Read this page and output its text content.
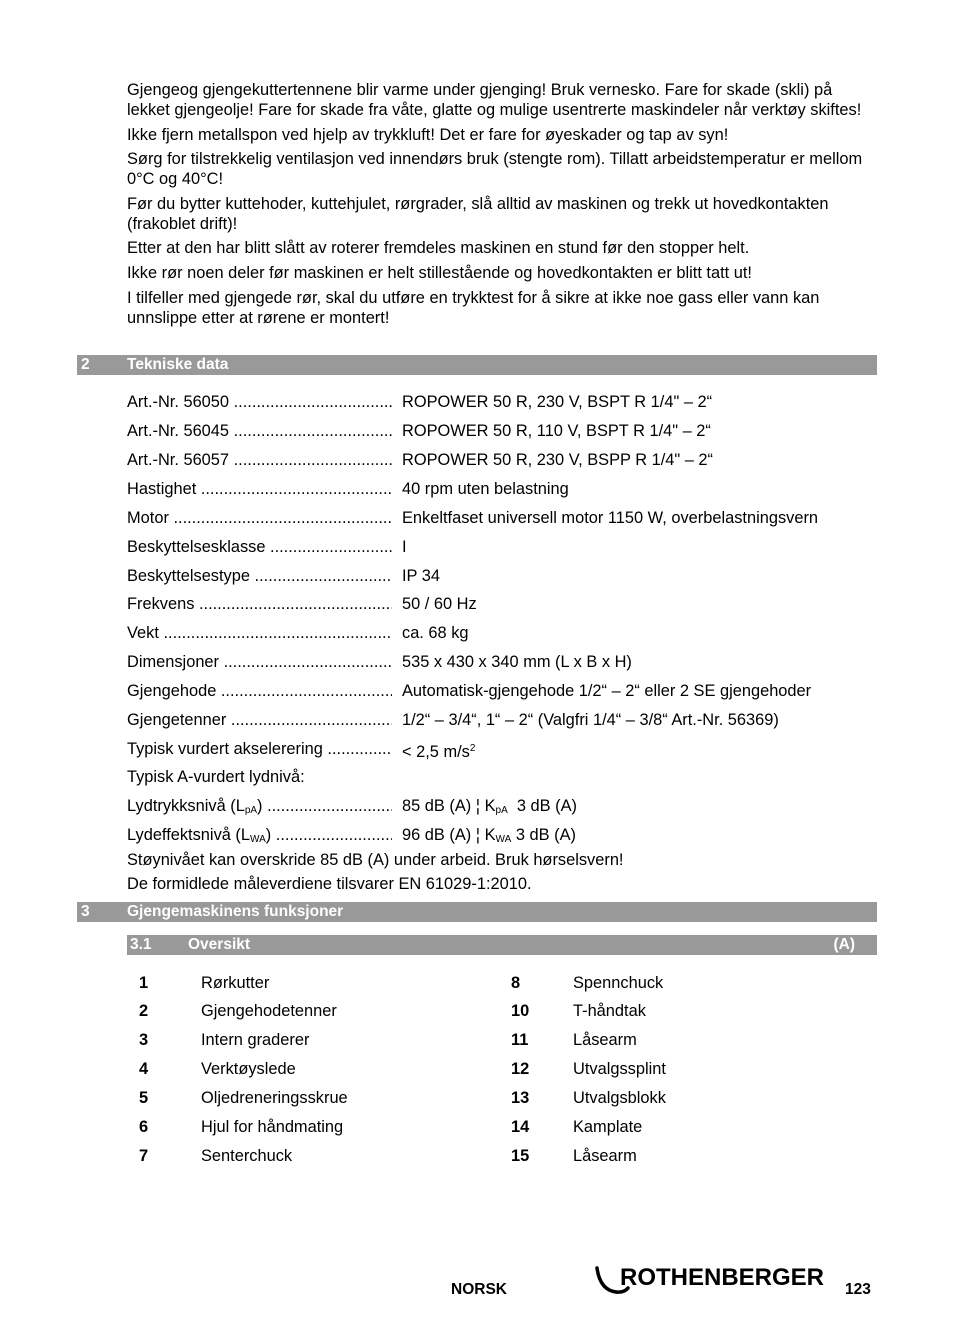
Gjengeog gjengekuttertennene blir varme under gjenging! Bruk vernesko. Fare for skade (skli) på lekket gjengeolje! Fare for skade fra våte, glatte og mulige usentrerte maskindeler når verktøy skiftes!

Ikke fjern metallspon ved hjelp av trykkluft! Det er fare for øyeskader og tap av syn!

Sørg for tilstrekkelig ventilasjon ved innendørs bruk (stengte rom). Tillatt arbeidstemperatur er mellom 0°C og 40°C!

Før du bytter kuttehoder, kuttehjulet, rørgrader, slå alltid av maskinen og trekk ut hovedkontakten (frakoblet drift)!

Etter at den har blitt slått av roterer fremdeles maskinen en stund før den stopper helt.

Ikke rør noen deler før maskinen er helt stillestående og hovedkontakten er blitt tatt ut!

I tilfeller med gjengede rør, skal du utføre en trykktest for å sikre at ikke noe gass eller vann kan unnslippe etter at rørene er montert!

2 Tekniske data
Art.-Nr. 56050 .....	ROPOWER 50 R, 230 V, BSPT R 1/4" – 2“
Art.-Nr. 56045 .....	ROPOWER 50 R, 110 V, BSPT R 1/4" – 2“
Art.-Nr. 56057 .....	ROPOWER 50 R, 230 V, BSPP R 1/4" – 2“
Hastighet .....	40 rpm uten belastning
Motor .....	Enkeltfaset universell motor 1150 W, overbelastningsvern
Beskyttelsesklasse .....	I
Beskyttelsestype .....	IP 34
Frekvens .....	50 / 60 Hz
Vekt .....	ca. 68 kg
Dimensjoner .....	535 x 430 x 340 mm (L x B x H)
Gjengehode .....	Automatisk-gjengehode 1/2“ – 2“ eller 2 SE gjengehoder
Gjengetenner .....	1/2“ – 3/4“, 1“ – 2“ (Valgfri 1/4“ – 3/8“ Art.-Nr. 56369)
Typisk vurdert akselerering .....	< 2,5 $m/s^2$
Typisk A-vurdert lydnivå:
Lydtrykksnivå $(L_{pA})$ .....	85 dB (A) ¦ $K_{pA}$  3 dB (A)
Lydeffektsnivå $(L_{WA})$ .....	96 dB (A) ¦ $K_{WA}$ 3 dB (A)
Støynivået kan overskride 85 dB (A) under arbeid. Bruk hørselsvern!
De formidlede måleverdiene tilsvarer EN 61029-1:2010.
3 Gjengemaskinens funksjoner
3.1 Oversikt	(A)
1	Rørkutter
2	Gjengehodetenner
3	Intern graderer
4	Verktøyslede
5	Oljedreneringsskrue
6	Hjul for håndmating
7	Senterchuck
8	Spennchuck
10	T-håndtak
11	Låsearm
12	Utvalgssplint
13	Utvalgsblokk
14	Kamplate
15	Låsearm
NORSK	ROTHENBERGER 123
